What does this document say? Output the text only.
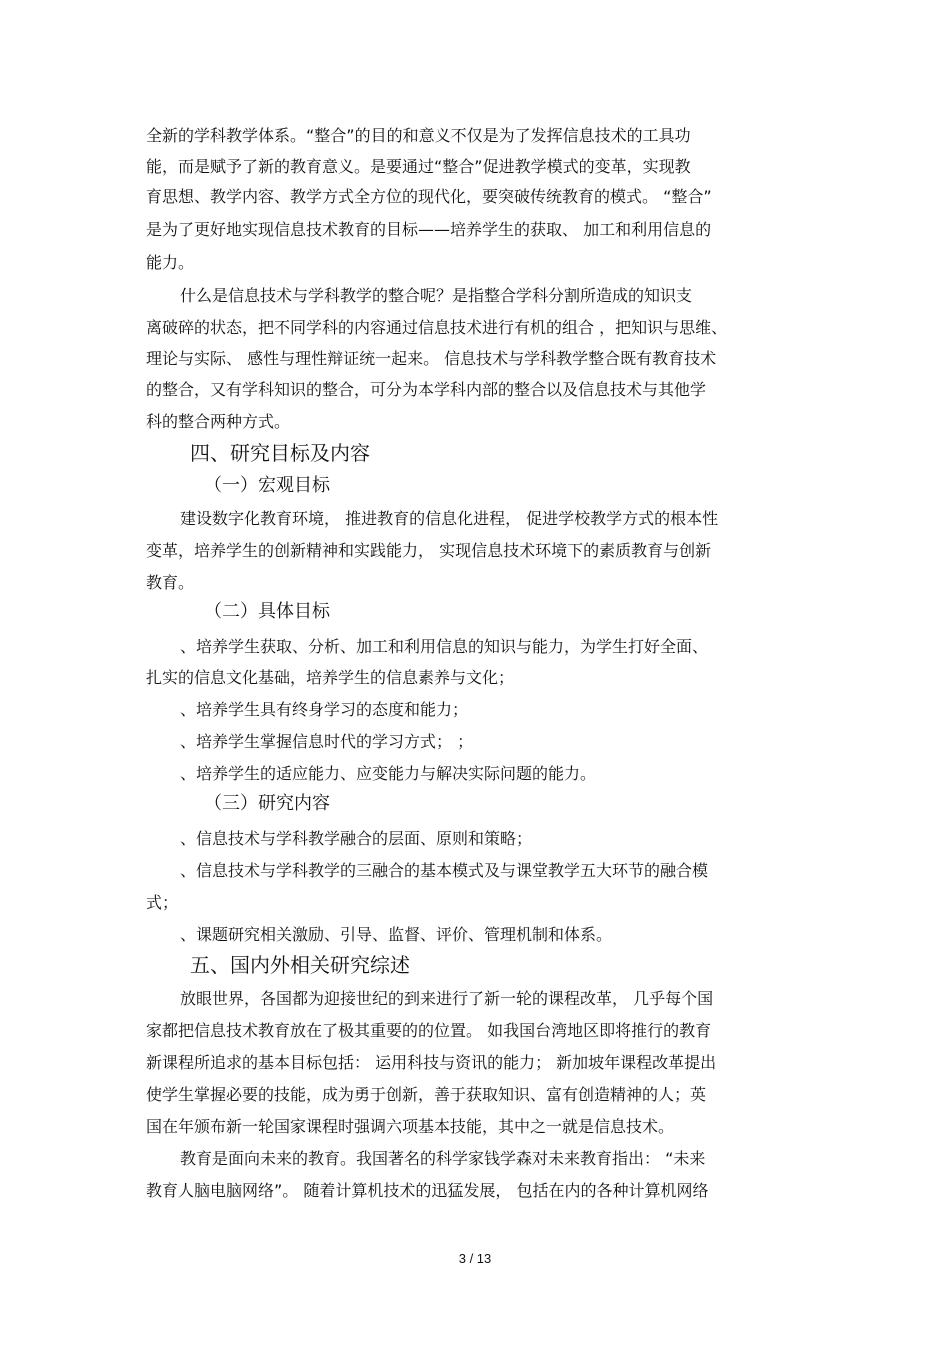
全新的学科教学体系。“整合”的目的和意义不仅是为了发挥信息技术的工具功
能，而是赋予了新的教育意义。是要通过“整合”促进教学模式的变革，实现教
育思想、教学内容、教学方式全方位的现代化，要突破传统教育的模式。 “整合”
是为了更好地实现信息技术教育的目标——培养学生的获取、 加工和利用信息的
能力。
什么是信息技术与学科教学的整合呢？是指整合学科分割所造成的知识支
离破碎的状态，把不同学科的内容通过信息技术进行有机的组合 ，把知识与思维、
理论与实际、 感性与理性辩证统一起来。 信息技术与学科教学整合既有教育技术
的整合，又有学科知识的整合，可分为本学科内部的整合以及信息技术与其他学
科的整合两种方式。
四、研究目标及内容
（一）宏观目标
建设数字化教育环境， 推进教育的信息化进程， 促进学校教学方式的根本性
变革，培养学生的创新精神和实践能力， 实现信息技术环境下的素质教育与创新
教育。
（二）具体目标
、培养学生获取、分析、加工和利用信息的知识与能力，为学生打好全面、
扎实的信息文化基础，培养学生的信息素养与文化；
、培养学生具有终身学习的态度和能力；
、培养学生掌握信息时代的学习方式； ；
、培养学生的适应能力、应变能力与解决实际问题的能力。
（三）研究内容
、信息技术与学科教学融合的层面、原则和策略；
、信息技术与学科教学的三融合的基本模式及与课堂教学五大环节的融合模
式；
、课题研究相关激励、引导、监督、评价、管理机制和体系。
五、国内外相关研究综述
放眼世界，各国都为迎接世纪的到来进行了新一轮的课程改革， 几乎每个国
家都把信息技术教育放在了极其重要的的位置。 如我国台湾地区即将推行的教育
新课程所追求的基本目标包括： 运用科技与资讯的能力； 新加坡年课程改革提出
使学生掌握必要的技能，成为勇于创新，善于获取知识、富有创造精神的人；英
国在年颁布新一轮国家课程时强调六项基本技能，其中之一就是信息技术。
教育是面向未来的教育。我国著名的科学家钱学森对未来教育指出： “未来
教育人脑电脑网络”。 随着计算机技术的迅猛发展， 包括在内的各种计算机网络
3 / 13
